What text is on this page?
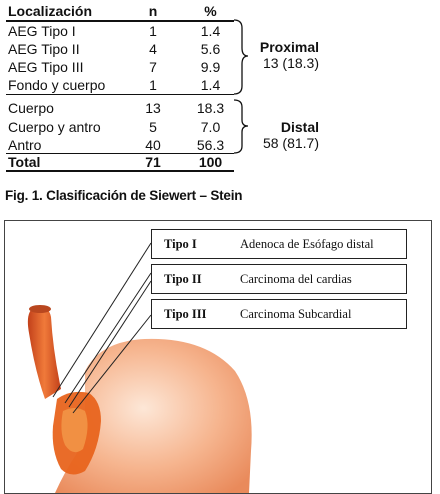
Localización	n	%
AEG Tipo I	1	1.4
AEG Tipo II	4	5.6
AEG Tipo III	7	9.9
Fondo y cuerpo	1	1.4
Cuerpo	13	18.3
Cuerpo y antro	5	7.0
Antro	40	56.3
Total	71	100
Proximal
13 (18.3)
Distal
58 (81.7)
Fig. 1. Clasificación de Siewert – Stein
Tipo I	Adenoca de Esófago distal
Tipo II	Carcinoma del cardias
Tipo III	Carcinoma Subcardial
